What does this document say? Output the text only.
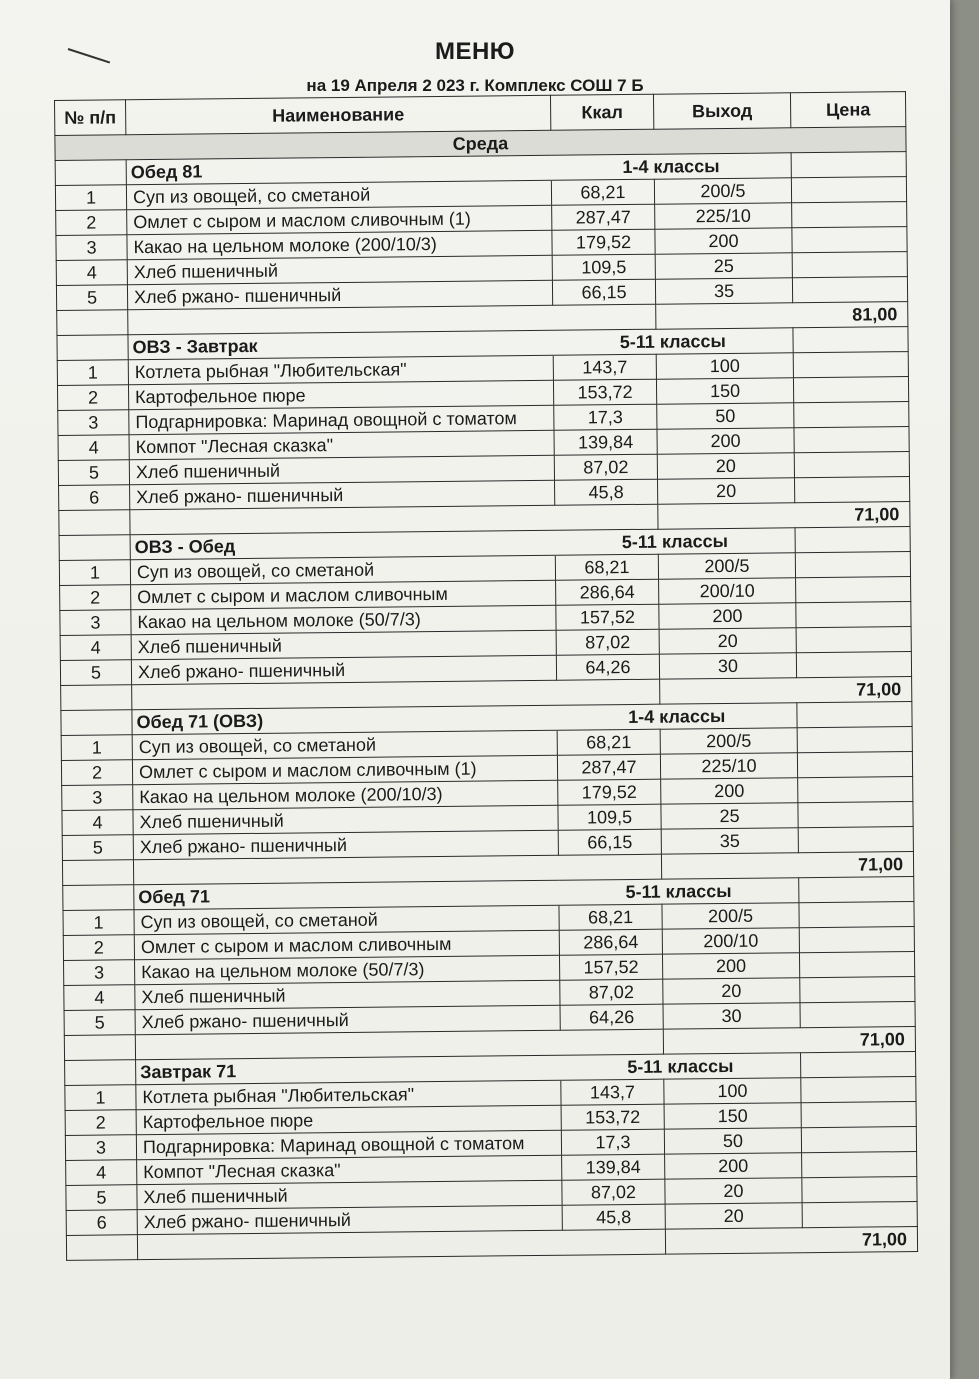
МЕНЮ
на 19 Апреля 2 023 г. Комплекс СОШ 7 Б
№ п/п	Наименование	Ккал	Выход	Цена
Среда				
	Обед 81	1-4 классы		
1	Суп из овощей, со сметаной	68,21	200/5	
2	Омлет с сыром и маслом сливочным (1)	287,47	225/10	
3	Какао на цельном молоке (200/10/3)	179,52	200	
4	Хлеб пшеничный	109,5	25	
5	Хлеб ржано- пшеничный	66,15	35	
			81,00	
	ОВЗ - Завтрак	5-11 классы		
1	Котлета рыбная "Любительская"	143,7	100	
2	Картофельное пюре	153,72	150	
3	Подгарнировка: Маринад овощной с томатом	17,3	50	
4	Компот "Лесная сказка"	139,84	200	
5	Хлеб пшеничный	87,02	20	
6	Хлеб ржано- пшеничный	45,8	20	
			71,00	
	ОВЗ - Обед	5-11 классы		
1	Суп из овощей, со сметаной	68,21	200/5	
2	Омлет с сыром и маслом сливочным	286,64	200/10	
3	Какао на цельном молоке (50/7/3)	157,52	200	
4	Хлеб пшеничный	87,02	20	
5	Хлеб ржано- пшеничный	64,26	30	
			71,00	
	Обед 71 (ОВЗ)	1-4 классы		
1	Суп из овощей, со сметаной	68,21	200/5	
2	Омлет с сыром и маслом сливочным (1)	287,47	225/10	
3	Какао на цельном молоке (200/10/3)	179,52	200	
4	Хлеб пшеничный	109,5	25	
5	Хлеб ржано- пшеничный	66,15	35	
			71,00	
	Обед 71	5-11 классы		
1	Суп из овощей, со сметаной	68,21	200/5	
2	Омлет с сыром и маслом сливочным	286,64	200/10	
3	Какао на цельном молоке (50/7/3)	157,52	200	
4	Хлеб пшеничный	87,02	20	
5	Хлеб ржано- пшеничный	64,26	30	
			71,00	
	Завтрак 71	5-11 классы		
1	Котлета рыбная "Любительская"	143,7	100	
2	Картофельное пюре	153,72	150	
3	Подгарнировка: Маринад овощной с томатом	17,3	50	
4	Компот "Лесная сказка"	139,84	200	
5	Хлеб пшеничный	87,02	20	
6	Хлеб ржано- пшеничный	45,8	20	
			71,00	
